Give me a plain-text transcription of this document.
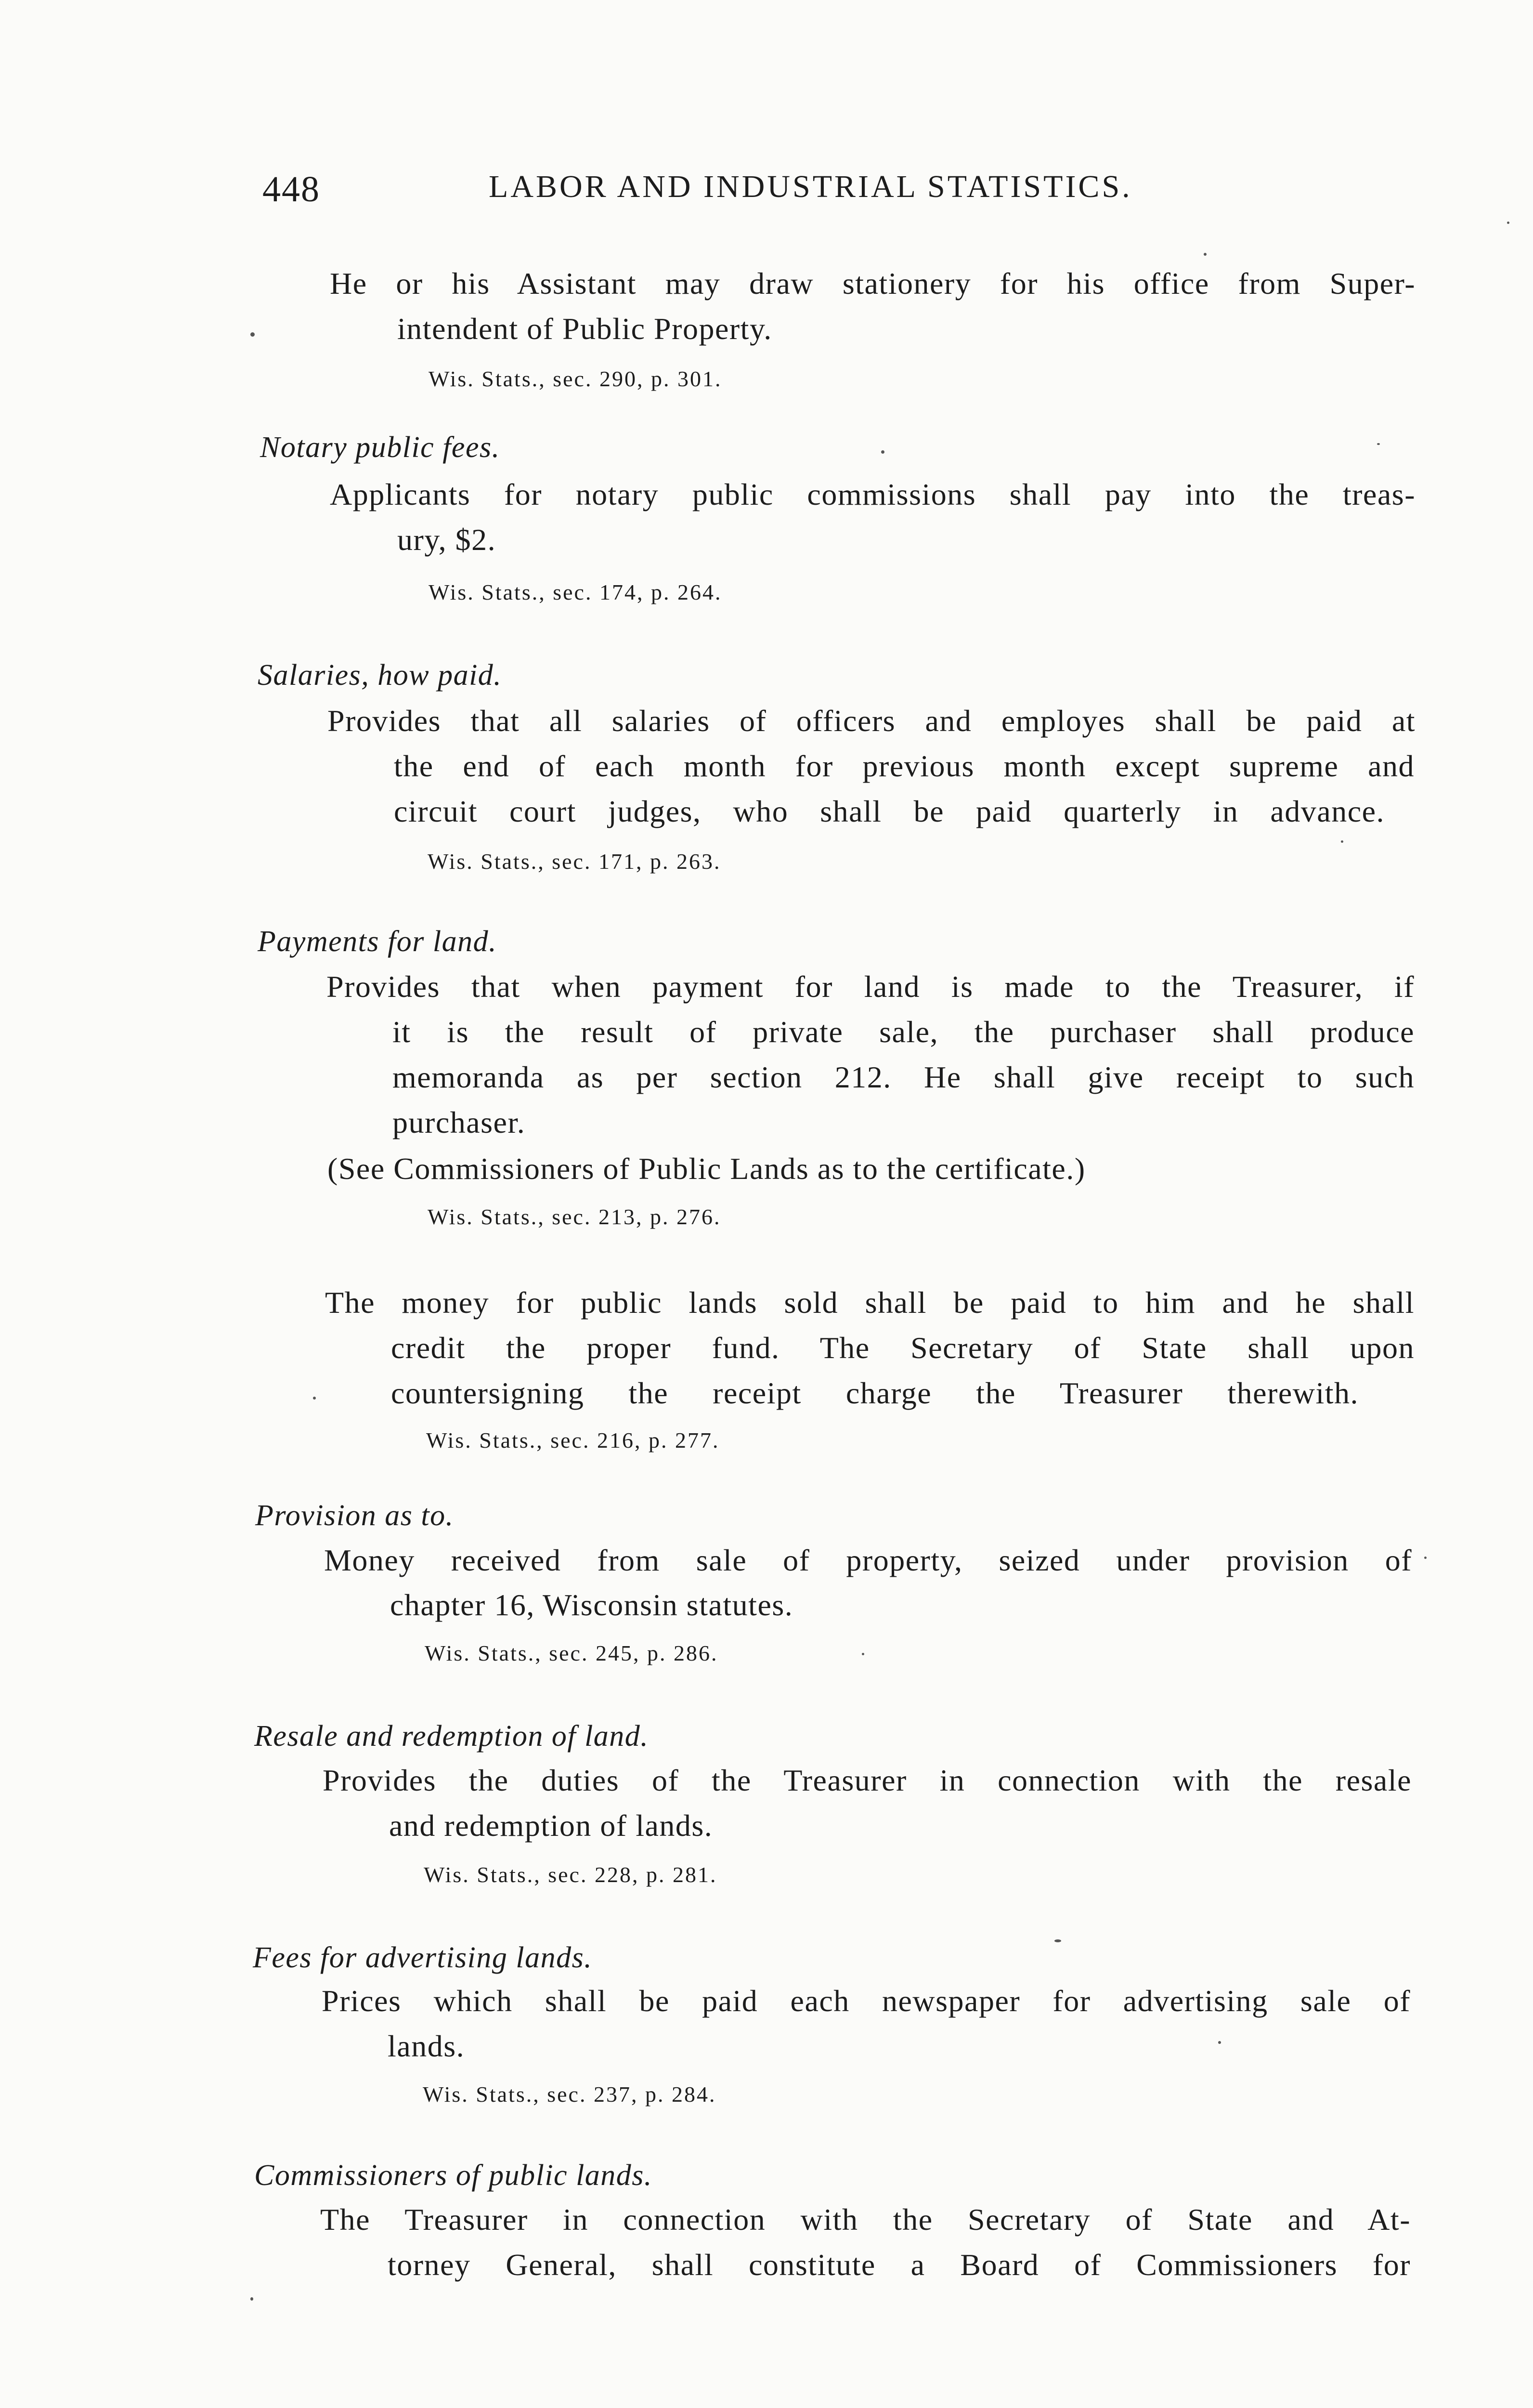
448	LABOR AND INDUSTRIAL STATISTICS.
He or his Assistant may draw stationery for his office from Super-
intendent of Public Property.
Wis. Stats., sec. 290, p. 301.
Notary public fees.
Applicants for notary public commissions shall pay into the treas-
ury, $2.
Wis. Stats., sec. 174, p. 264.
Salaries, how paid.
Provides that all salaries of officers and employes shall be paid at
the end of each month for previous month except supreme and
circuit court judges, who shall be paid quarterly in advance.
Wis. Stats., sec. 171, p. 263.
Payments for land.
Provides that when payment for land is made to the Treasurer, if
it is the result of private sale, the purchaser shall produce
memoranda as per section 212. He shall give receipt to such
purchaser.
(See Commissioners of Public Lands as to the certificate.)
Wis. Stats., sec. 213, p. 276.
The money for public lands sold shall be paid to him and he shall
credit the proper fund. The Secretary of State shall upon
countersigning the receipt charge the Treasurer therewith.
Wis. Stats., sec. 216, p. 277.
Provision as to.
Money received from sale of property, seized under provision of
chapter 16, Wisconsin statutes.
Wis. Stats., sec. 245, p. 286.
Resale and redemption of land.
Provides the duties of the Treasurer in connection with the resale
and redemption of lands.
Wis. Stats., sec. 228, p. 281.
Fees for advertising lands.
Prices which shall be paid each newspaper for advertising sale of
lands.
Wis. Stats., sec. 237, p. 284.
Commissioners of public lands.
The Treasurer in connection with the Secretary of State and At-
torney General, shall constitute a Board of Commissioners for
